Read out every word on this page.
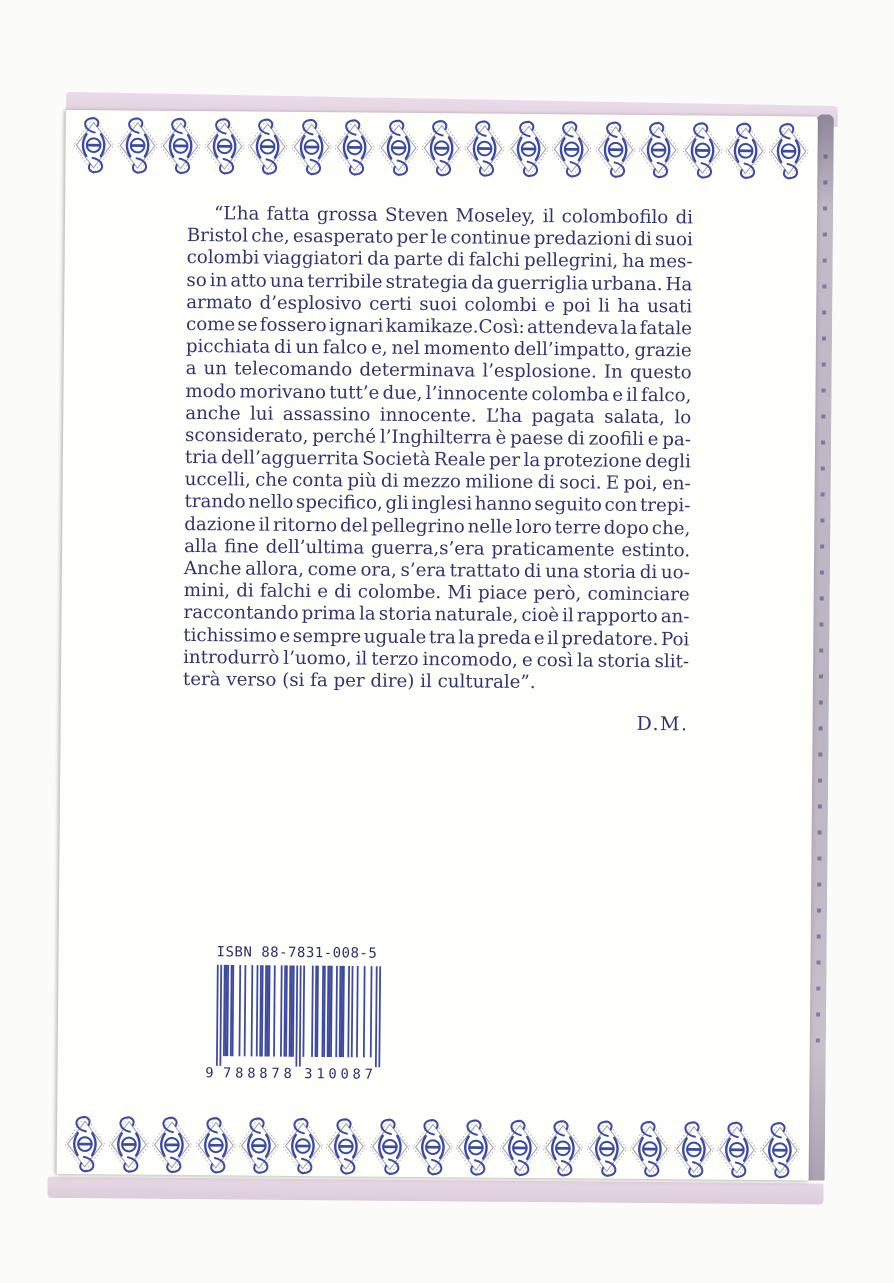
“L’ha fatta grossa Steven Moseley, il colombofilo di
Bristol che, esasperato per le continue predazioni di suoi
colombi viaggiatori da parte di falchi pellegrini, ha mes-
so in atto una terribile strategia da guerriglia urbana. Ha
armato d’esplosivo certi suoi colombi e poi li ha usati
come se fossero ignari kamikaze.Così: attendeva la fatale
picchiata di un falco e, nel momento dell’impatto, grazie
a un telecomando determinava l’esplosione. In questo
modo morivano tutt’e due, l’innocente colomba e il falco,
anche lui assassino innocente. L’ha pagata salata, lo
sconsiderato, perché l’Inghilterra è paese di zoofili e pa-
tria dell’agguerrita Società Reale per la protezione degli
uccelli, che conta più di mezzo milione di soci. E poi, en-
trando nello specifico, gli inglesi hanno seguito con trepi-
dazione il ritorno del pellegrino nelle loro terre dopo che,
alla fine dell’ultima guerra,s’era praticamente estinto.
Anche allora, come ora, s’era trattato di una storia di uo-
mini, di falchi e di colombe. Mi piace però, cominciare
raccontando prima la storia naturale, cioè il rapporto an-
tichissimo e sempre uguale tra la preda e il predatore. Poi
introdurrò l’uomo, il terzo incomodo, e così la storia slit-
terà verso (si fa per dire) il culturale”.
D.M.
ISBN 88-7831-008-5
9 7 8 8 8 7 8 3 1 0 0 8 7
